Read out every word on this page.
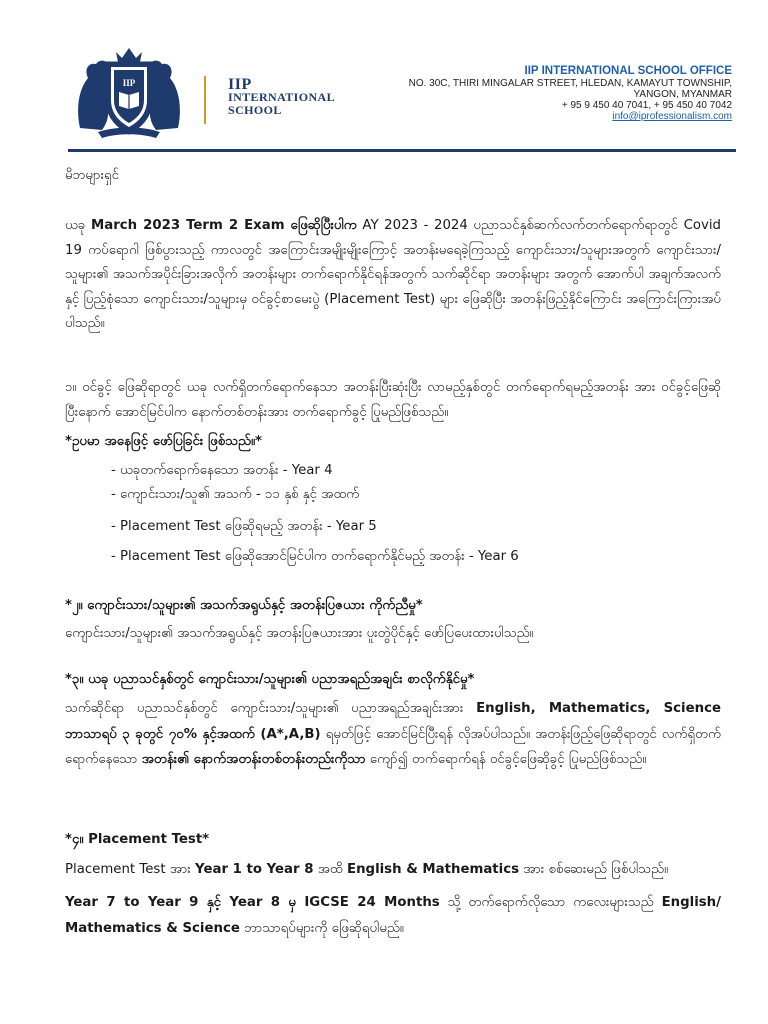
IIP	IIP
INTERNATIONAL
SCHOOL
IIP INTERNATIONAL SCHOOL OFFICE
NO. 30C, THIRI MINGALAR STREET, HLEDAN, KAMAYUT TOWNSHIP,
YANGON, MYANMAR
+ 95 9 450 40 7041, + 95 450 40 7042
info@iprofessionalism.com
မိဘများရှင်
ယခု March 2023 Term 2 Exam ဖြေဆိုပြီးပါက AY 2023 - 2024 ပညာသင်နှစ်ဆက်လက်တက်ရောက်ရာတွင် Covid 19 ကပ်ရောဂါ ဖြစ်ပွားသည့် ကာလတွင် အကြောင်းအမျိုးမျိုးကြောင့် အတန်းမရေခဲ့ကြသည့် ကျောင်းသား/သူများအတွက် ကျောင်းသား/သူများ၏ အသက်အပိုင်းခြားအလိုက် အတန်းများ တက်ရောက်နိုင်ရန်အတွက် သက်ဆိုင်ရာ အတန်းများ အတွက် အောက်ပါ အချက်အလက်နှင့် ပြည့်စုံသော ကျောင်းသား/သူများမှ ဝင်ခွင့်စာမေးပွဲ (Placement Test) များ ဖြေဆိုပြီး အတန်းဖြည့်နိုင်ကြောင်း အကြောင်းကြားအပ်ပါသည်။
၁။ ဝင်ခွင့် ဖြေဆိုရာတွင် ယခု လက်ရှိတက်ရောက်နေသာ အတန်းပြီးဆုံးပြီး လာမည့်နှစ်တွင် တက်ရောက်ရမည့်အတန်း အား ဝင်ခွင့်ဖြေဆိုပြီးနောက် အောင်မြင်ပါက နောက်တစ်တန်းအား တက်ရောက်ခွင့် ပြုမည်ဖြစ်သည်။
*ဥပမာ အနေဖြင့် ဖော်ပြခြင်း ဖြစ်သည်။*
- ယခုတက်ရောက်နေသော အတန်း - Year 4
- ကျောင်းသား/သူ၏ အသက် - ၁၁ နှစ် နှင့် အထက်
- Placement Test ဖြေဆိုရမည့် အတန်း - Year 5
- Placement Test ဖြေဆိုအောင်မြင်ပါက တက်ရောက်နိုင်မည့် အတန်း - Year 6
*၂။ ကျောင်းသား/သူများ၏ အသက်အရွယ်နှင့် အတန်းပြဇယား ကိုက်ညီမှု*
ကျောင်းသား/သူများ၏ အသက်အရွယ်နှင့် အတန်းပြဇယားအား ပူးတွဲပိုင်နှင့် ဖော်ပြပေးထားပါသည်။
*၃။ ယခု ပညာသင်နှစ်တွင် ကျောင်းသား/သူများ၏ ပညာအရည်အချင်း စာလိုက်နိုင်မှု*
သက်ဆိုင်ရာ ပညာသင်နှစ်တွင် ကျောင်းသား/သူများ၏ ပညာအရည်အချင်းအား English, Mathematics, Science ဘာသာရပ် ၃ ခုတွင် ၇၀% နှင့်အထက် (A*,A,B) ရမှတ်ဖြင့် အောင်မြင်ပြီးရန် လိုအပ်ပါသည်။ အတန်းဖြည့်ဖြေဆိုရာတွင် လက်ရှိတက်ရောက်နေသော အတန်း၏ နောက်အတန်းတစ်တန်းတည်းကိုသာ ကျော်၍ တက်ရောက်ရန် ဝင်ခွင့်ဖြေဆိုခွင့် ပြုမည်ဖြစ်သည်။
*၄။ Placement Test*
Placement Test အား Year 1 to Year 8 အထိ English & Mathematics အား စစ်ဆေးမည် ဖြစ်ပါသည်။
Year 7 to Year 9 နှင့် Year 8 မှ IGCSE 24 Months သို့ တက်ရောက်လိုသော ကလေးများသည် English/ Mathematics & Science ဘာသာရပ်များကို ဖြေဆိုရပါမည်။
